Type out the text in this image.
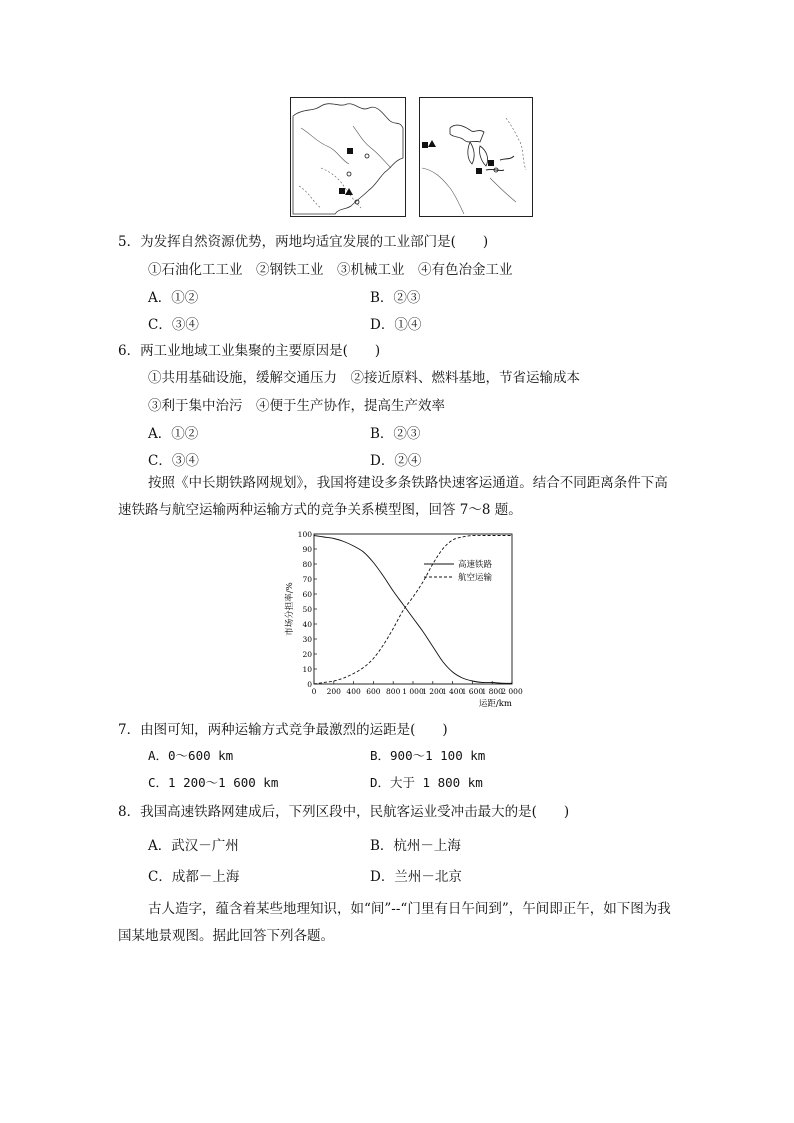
5．为发挥自然资源优势，两地均适宜发展的工业部门是(　　)
①石油化工工业　②钢铁工业　③机械工业　④有色冶金工业
A．①②	B．②③
C．③④	D．①④
6．两工业地域工业集聚的主要原因是(　　)
①共用基础设施，缓解交通压力　②接近原料、燃料基地，节省运输成本
③利于集中治污　④便于生产协作，提高生产效率
A．①②	B．②③
C．③④	D．②④
按照《中长期铁路网规划》，我国将建设多条铁路快速客运通道。结合不同距离条件下高速铁路与航空运输两种运输方式的竞争关系模型图，回答 7～8 题。
0
10
20
30
40
50
60
70
80
90
100
0 200 400 600 800 1 000
1 200
1 400
1 600
1 800
2 000
高速铁路
航空运输
市场分担率/%
运距/km
7．由图可知，两种运输方式竞争最激烈的运距是(　　)
A．0～600 km	B．900～1 100 km
C．1 200～1 600 km	D．大于 1 800 km
8．我国高速铁路网建成后，下列区段中，民航客运业受冲击最大的是(　　)
A．武汉－广州	B．杭州－上海
C．成都－上海	D．兰州－北京
古人造字，蕴含着某些地理知识，如“间”--“门里有日午间到”，午间即正午，如下图为我国某地景观图。据此回答下列各题。
